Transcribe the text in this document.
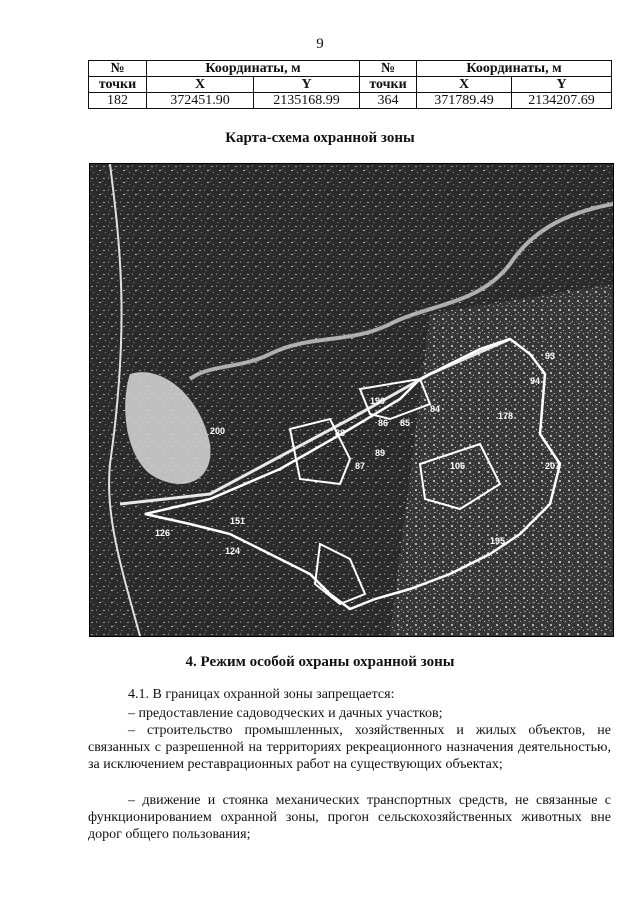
9
№	Координаты, м		№	Координаты, м	
точки	X	Y	точки	X	Y
182	372451.90	2135168.99	364	371789.49	2134207.69
Карта-схема охранной зоны
190
84
86 85
88
87
89
178
106	207
200
151
126
124
195
93
94
4. Режим особой охраны охранной зоны
4.1. В границах охранной зоны запрещается:
– предоставление садоводческих и дачных участков;
– строительство промышленных, хозяйственных и жилых объектов, не связанных с разрешенной на территориях рекреационного назначения деятельностью, за исключением реставрационных работ на существующих объектах;
– движение и стоянка механических транспортных средств, не связанные с функционированием охранной зоны, прогон сельскохозяйственных животных вне дорог общего пользования;
